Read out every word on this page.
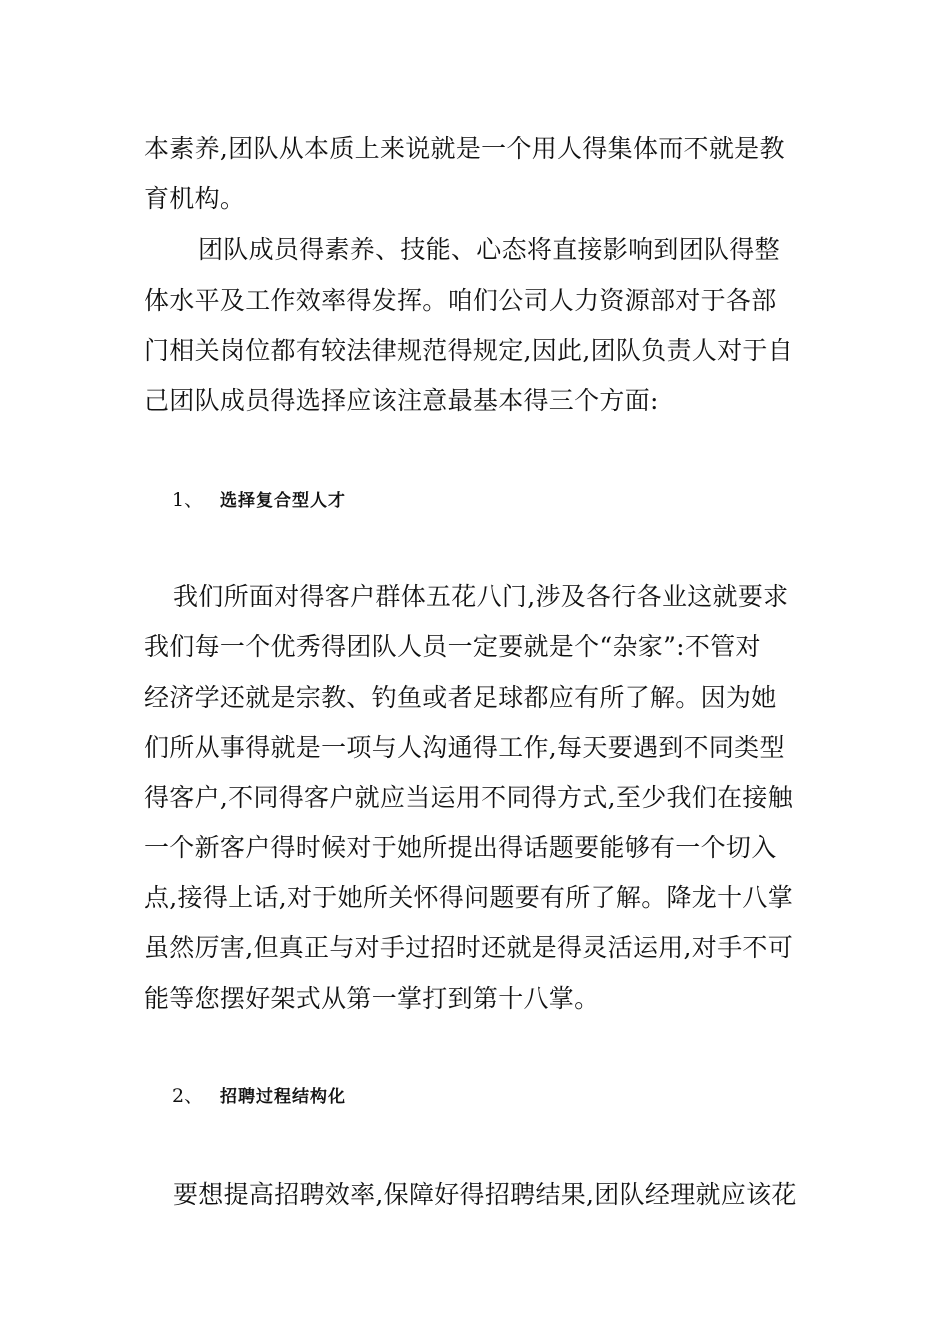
本素养,团队从本质上来说就是一个用人得集体而不就是教
育机构。
团队成员得素养、技能、心态将直接影响到团队得整
体水平及工作效率得发挥。咱们公司人力资源部对于各部
门相关岗位都有较法律规范得规定,因此,团队负责人对于自
己团队成员得选择应该注意最基本得三个方面:
1、 选择复合型人才
我们所面对得客户群体五花八门,涉及各行各业这就要求
我们每一个优秀得团队人员一定要就是个“杂家”:不管对
经济学还就是宗教、钓鱼或者足球都应有所了解。因为她
们所从事得就是一项与人沟通得工作,每天要遇到不同类型
得客户,不同得客户就应当运用不同得方式,至少我们在接触
一个新客户得时候对于她所提出得话题要能够有一个切入
点,接得上话,对于她所关怀得问题要有所了解。降龙十八掌
虽然厉害,但真正与对手过招时还就是得灵活运用,对手不可
能等您摆好架式从第一掌打到第十八掌。
2、 招聘过程结构化
要想提高招聘效率,保障好得招聘结果,团队经理就应该花
